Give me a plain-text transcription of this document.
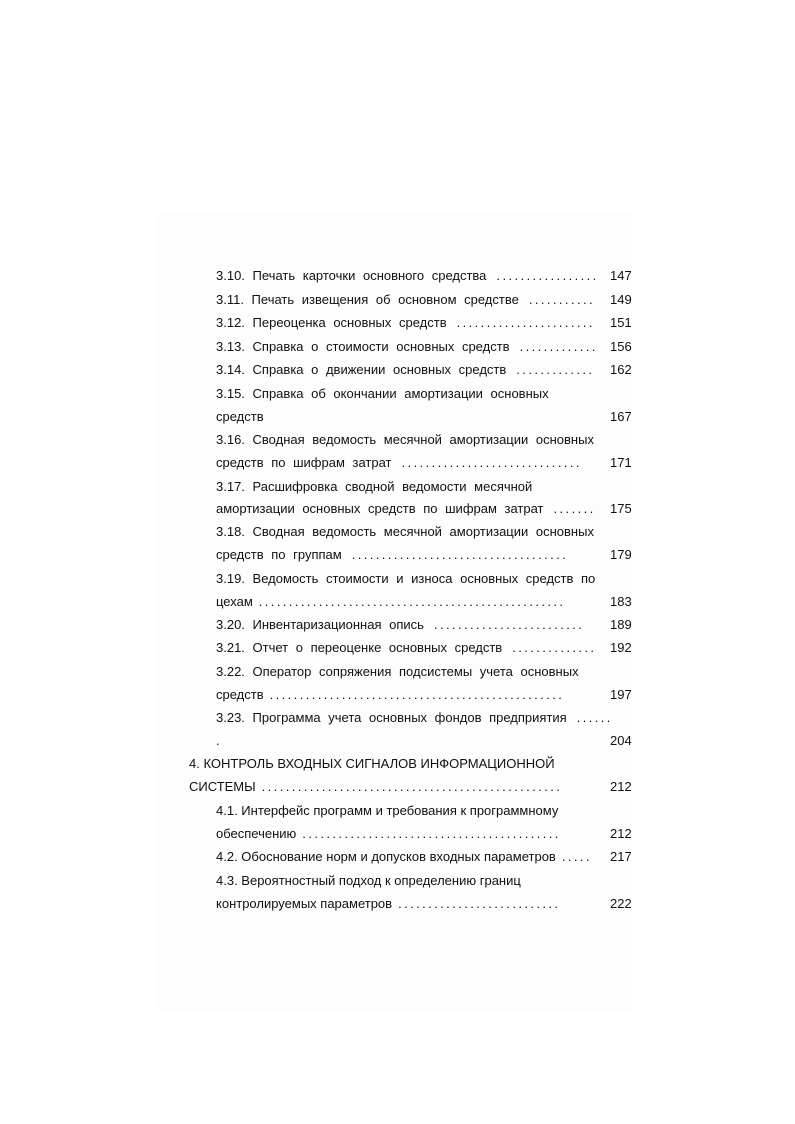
3.10. Печать карточки основного средства ................. 147
3.11. Печать извещения об основном средстве ........... 149
3.12. Переоценка основных средств ....................... 151
3.13. Справка о стоимости основных средств ............. 156
3.14. Справка о движении основных средств ............. 162
3.15. Справка об окончании амортизации основных
средств	167
3.16. Сводная ведомость месячной амортизации основных
средств по шифрам затрат .............................. 171
3.17. Расшифровка сводной ведомости месячной
амортизации основных средств по шифрам затрат ....... 175
3.18. Сводная ведомость месячной амортизации основных
средств по группам ....................................	179
3.19. Ведомость стоимости и износа основных средств по
цехам ...................................................	183
3.20. Инвентаризационная опись ......................... 189
3.21. Отчет о переоценке основных средств .............. 192
3.22. Оператор сопряжения подсистемы учета основных
средств .................................................	197
3.23. Программа учета основных фондов предприятия ......
.	204
4. КОНТРОЛЬ ВХОДНЫХ СИГНАЛОВ ИНФОРМАЦИОННОЙ
СИСТЕМЫ ..................................................	212
4.1. Интерфейс программ и требования к программному
обеспечению ...........................................	212
4.2. Обоснование норм и допусков входных параметров ..... 217
4.3. Вероятностный подход к определению границ
контролируемых параметров ...........................	222
